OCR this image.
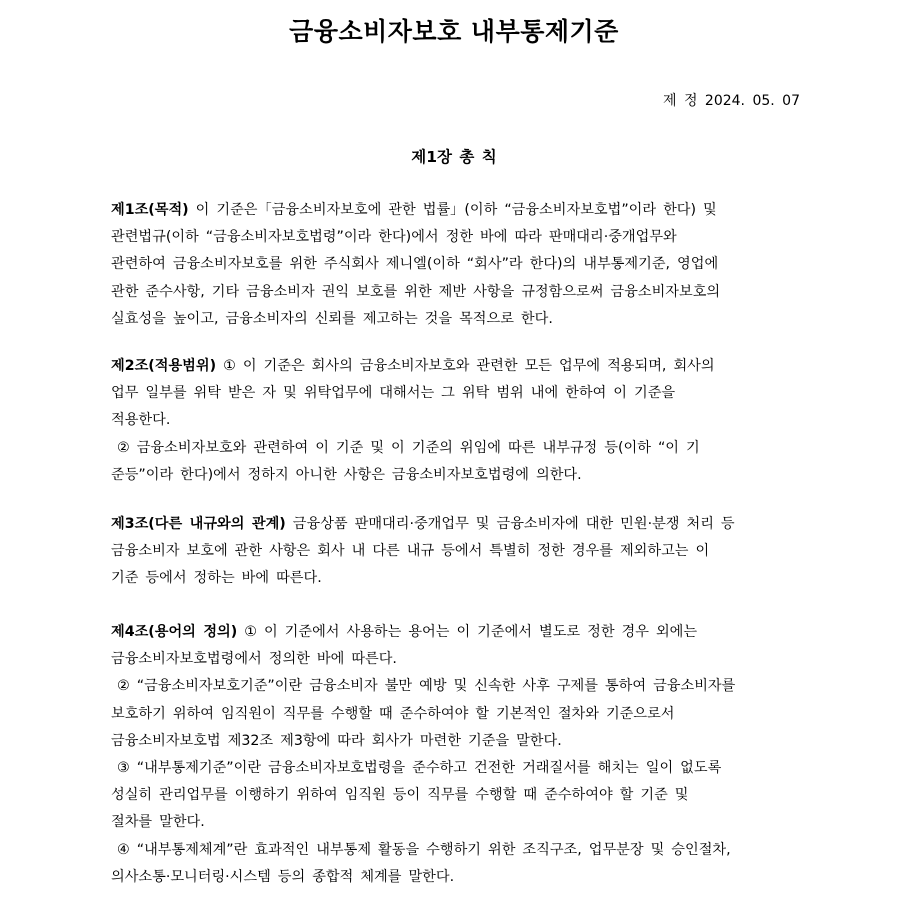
금융소비자보호 내부통제기준
제 정 2024. 05. 07
제1장 총 칙
제1조(목적) 이 기준은「금융소비자보호에 관한 법률」(이하 “금융소비자보호법”이라 한다) 및
관련법규(이하 “금융소비자보호법령”이라 한다)에서 정한 바에 따라 판매대리·중개업무와
관련하여 금융소비자보호를 위한 주식회사 제니엘(이하 “회사”라 한다)의 내부통제기준, 영업에
관한 준수사항, 기타 금융소비자 권익 보호를 위한 제반 사항을 규정함으로써 금융소비자보호의
실효성을 높이고, 금융소비자의 신뢰를 제고하는 것을 목적으로 한다.
제2조(적용범위) ① 이 기준은 회사의 금융소비자보호와 관련한 모든 업무에 적용되며, 회사의
업무 일부를 위탁 받은 자 및 위탁업무에 대해서는 그 위탁 범위 내에 한하여 이 기준을
적용한다.
② 금융소비자보호와 관련하여 이 기준 및 이 기준의 위임에 따른 내부규정 등(이하 “이 기
준등”이라 한다)에서 정하지 아니한 사항은 금융소비자보호법령에 의한다.
제3조(다른 내규와의 관계) 금융상품 판매대리·중개업무 및 금융소비자에 대한 민원·분쟁 처리 등
금융소비자 보호에 관한 사항은 회사 내 다른 내규 등에서 특별히 정한 경우를 제외하고는 이
기준 등에서 정하는 바에 따른다.
제4조(용어의 정의) ① 이 기준에서 사용하는 용어는 이 기준에서 별도로 정한 경우 외에는
금융소비자보호법령에서 정의한 바에 따른다.
② “금융소비자보호기준”이란 금융소비자 불만 예방 및 신속한 사후 구제를 통하여 금융소비자를
보호하기 위하여 임직원이 직무를 수행할 때 준수하여야 할 기본적인 절차와 기준으로서
금융소비자보호법 제32조 제3항에 따라 회사가 마련한 기준을 말한다.
③ “내부통제기준”이란 금융소비자보호법령을 준수하고 건전한 거래질서를 해치는 일이 없도록
성실히 관리업무를 이행하기 위하여 임직원 등이 직무를 수행할 때 준수하여야 할 기준 및
절차를 말한다.
④ “내부통제체계”란 효과적인 내부통제 활동을 수행하기 위한 조직구조, 업무분장 및 승인절차,
의사소통·모니터링·시스템 등의 종합적 체계를 말한다.
